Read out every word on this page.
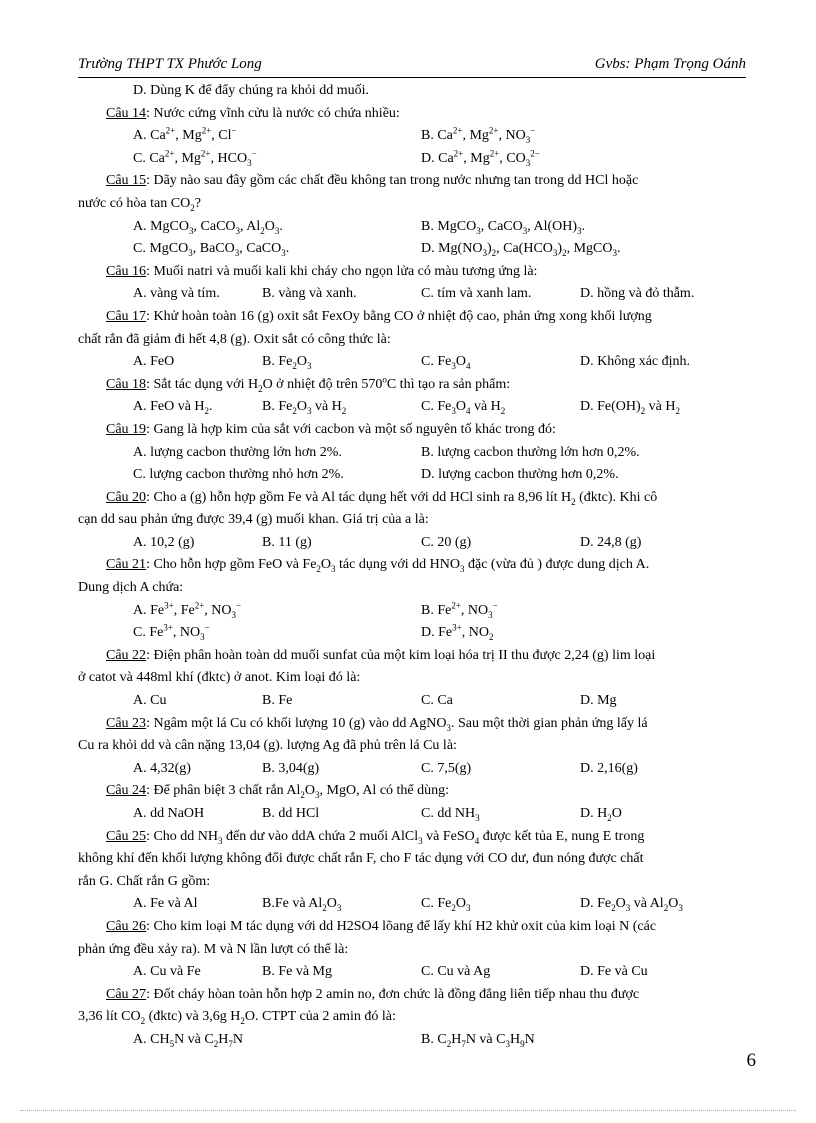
Trường THPT TX Phước Long	Gvbs: Phạm Trọng Oánh
D. Dùng K để đẩy chúng ra khỏi dd muối.
Câu 14: Nước cứng vĩnh cửu là nước có chứa nhiều:
A. $Ca^{2+}$, $Mg^{2+}$, Cl−	B. $Ca^{2+}$, $Mg^{2+}$, $NO_3^-$
C. $Ca^{2+}$, $Mg^{2+}$, $HCO_3^-$	D. $Ca^{2+}$, $Mg^{2+}$, $CO_3^{2-}$
Câu 15: Dãy nào sau đây gồm các chất đều không tan trong nước nhưng tan trong dd HCl hoặc
nước có hòa $\tan CO_2$?
A. MgCO$_3$, CaCO$_3$, $Al_2O_3$.	B. MgCO$_3$, CaCO$_3$, $Al(OH)_3$.
C. MgCO$_3$, BaCO$_3$, CaCO$_3$.	D. $Mg(NO_3)_2$, $Ca(HCO_3)_2$, MgCO$_3$.
Câu 16: Muối natri và muối kali khi cháy cho ngọn lửa có màu tương ứng là:
A. vàng và tím.	B. vàng và xanh.	C. tím và xanh lam.	D. hồng và đỏ thẫm.
Câu 17: Khử hoàn toàn 16 (g) oxit sắt FexOy bằng CO ở nhiệt độ cao, phản ứng xong khối lượng
chất rắn đã giảm đi hết 4,8 (g). Oxit sắt có công thức là:
A. FeO	B. $Fe_2O_3$	C. $Fe_3O_4$	D. Không xác định.
Câu 18: Sắt tác dụng với $H_2O$ ở nhiệt độ trên 570$^o$C thì tạo ra sản phẩm:
A. FeO và $H_2$.	B. $Fe_2O_3$ và $H_2$	C. $Fe_3O_4$ và $H_2$	D. $Fe(OH)_2$ và $H_2$
Câu 19: Gang là hợp kim của sắt với cacbon và một số nguyên tố khác trong đó:
A. lượng cacbon thường lớn hơn 2%.	B. lượng cacbon thường lớn hơn 0,2%.
C. lượng cacbon thường nhỏ hơn 2%.	D. lượng cacbon thường hơn 0,2%.
Câu 20: Cho a (g) hỗn hợp gồm Fe và Al tác dụng hết với dd HCl sinh ra 8,96 lít $H_2$ (đktc). Khi cô
cạn dd sau phản ứng được 39,4 (g) muối khan. Giá trị của a là:
A. 10,2 (g)	B. 11 (g)	C. 20 (g)	D. 24,8 (g)
Câu 21: Cho hỗn hợp gồm FeO và $Fe_2O_3$ tác dụng với dd $HNO_3$ đặc (vừa đủ ) được dung dịch A.
Dung dịch A chứa:
A. $Fe^{3+}$, $Fe^{2+}$, $NO_3^-$	B. $Fe^{2+}$, $NO_3^-$
C. $Fe^{3+}$, $NO_3^-$	D. $Fe^{3+}$, $NO_2$
Câu 22: Điện phân hoàn toàn dd muối sunfat của một kim loại hóa trị II thu được 2,24 (g) lim loại
ở catot và 448ml khí (đktc) ở anot. Kim loại đó là:
A. Cu	B. Fe	C. Ca	D. Mg
Câu 23: Ngâm một lá Cu có khối lượng 10 (g) vào dd AgNO$_3$. Sau một thời gian phản ứng lấy lá
Cu ra khỏi dd và cân nặng 13,04 (g). lượng Ag đã phủ trên lá Cu là:
A. 4,32(g)	B. 3,04(g)	C. 7,5(g)	D. 2,16(g)
Câu 24: Để phân biệt 3 chất rắn $Al_2O_3$, MgO, Al có thể dùng:
A. dd NaOH	B. dd HCl	C. dd $NH_3$	D. $H_2O$
Câu 25: Cho dd $NH_3$ đến dư vào ddA chứa 2 muối AlCl$_3$ và FeSO$_4$ được kết tủa E, nung E trong
không khí đến khối lượng không đổi được chất rắn F, cho F tác dụng với CO dư, đun nóng được chất
rắn G. Chất rắn G gồm:
A. Fe và Al	B.Fe và $Al_2O_3$	C. $Fe_2O_3$	D. $Fe_2O_3$ và $Al_2O_3$
Câu 26: Cho kim loại M tác dụng với dd H2SO4 lõang để lấy khí H2 khử oxit của kim loại N (các
phản ứng đều xảy ra). M và N lần lượt có thể là:
A. Cu và Fe	B. Fe và Mg	C. Cu và Ag	D. Fe và Cu
Câu 27: Đốt cháy hòan toàn hỗn hợp 2 amin no, đơn chức là đồng đẳng liên tiếp nhau thu được
3,36 lít $CO_2$ (đktc) và 3,6g $H_2O$. CTPT của 2 amin đó là:
A. $CH_5N$ và $C_2H_7N$	B. $C_2H_7N$ và $C_3H_9N$
6
